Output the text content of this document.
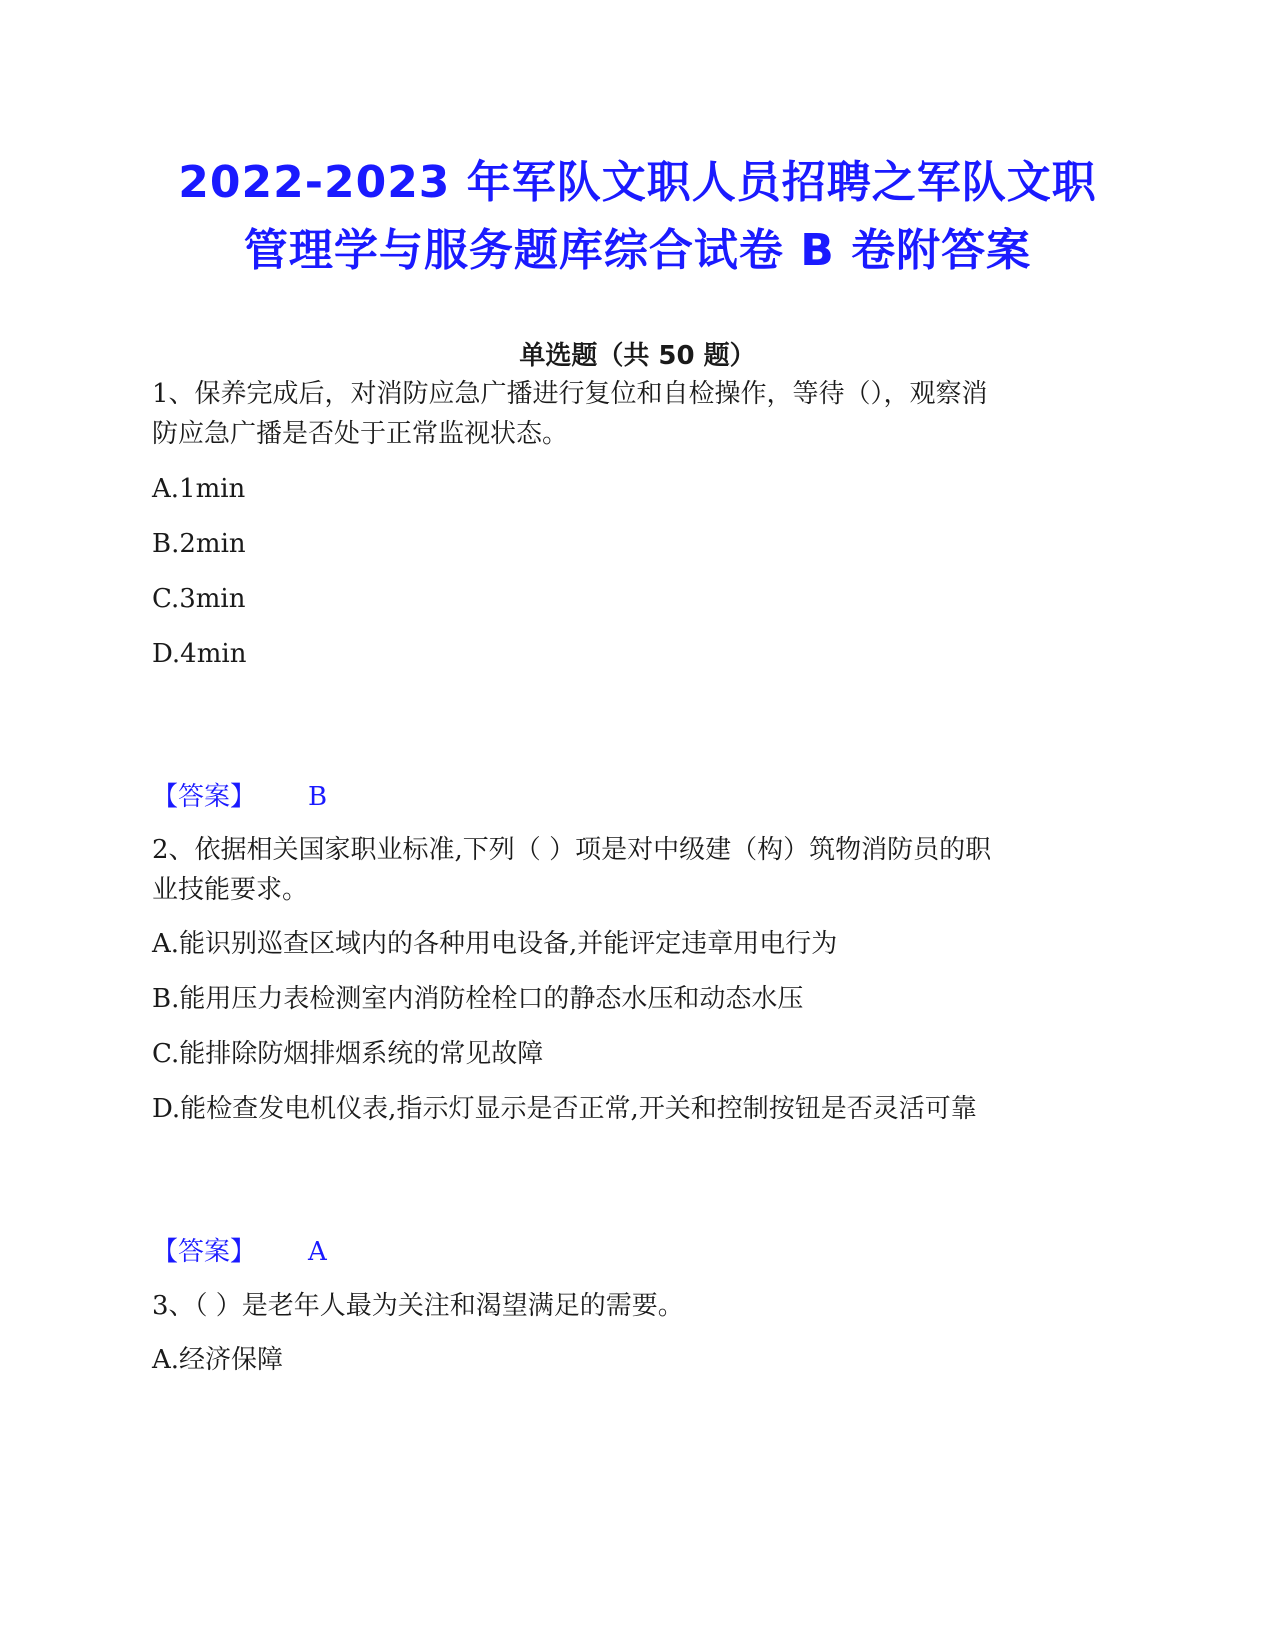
2022-2023 年军队文职人员招聘之军队文职
管理学与服务题库综合试卷 B 卷附答案
单选题（共 50 题）
1、保养完成后，对消防应急广播进行复位和自检操作，等待（），观察消
防应急广播是否处于正常监视状态。
A.1min
B.2min
C.3min
D.4min
【答案】 B
2、依据相关国家职业标准,下列（ ）项是对中级建（构）筑物消防员的职
业技能要求。
A.能识别巡查区域内的各种用电设备,并能评定违章用电行为
B.能用压力表检测室内消防栓栓口的静态水压和动态水压
C.能排除防烟排烟系统的常见故障
D.能检查发电机仪表,指示灯显示是否正常,开关和控制按钮是否灵活可靠
【答案】 A
3、（ ）是老年人最为关注和渴望满足的需要。
A.经济保障
